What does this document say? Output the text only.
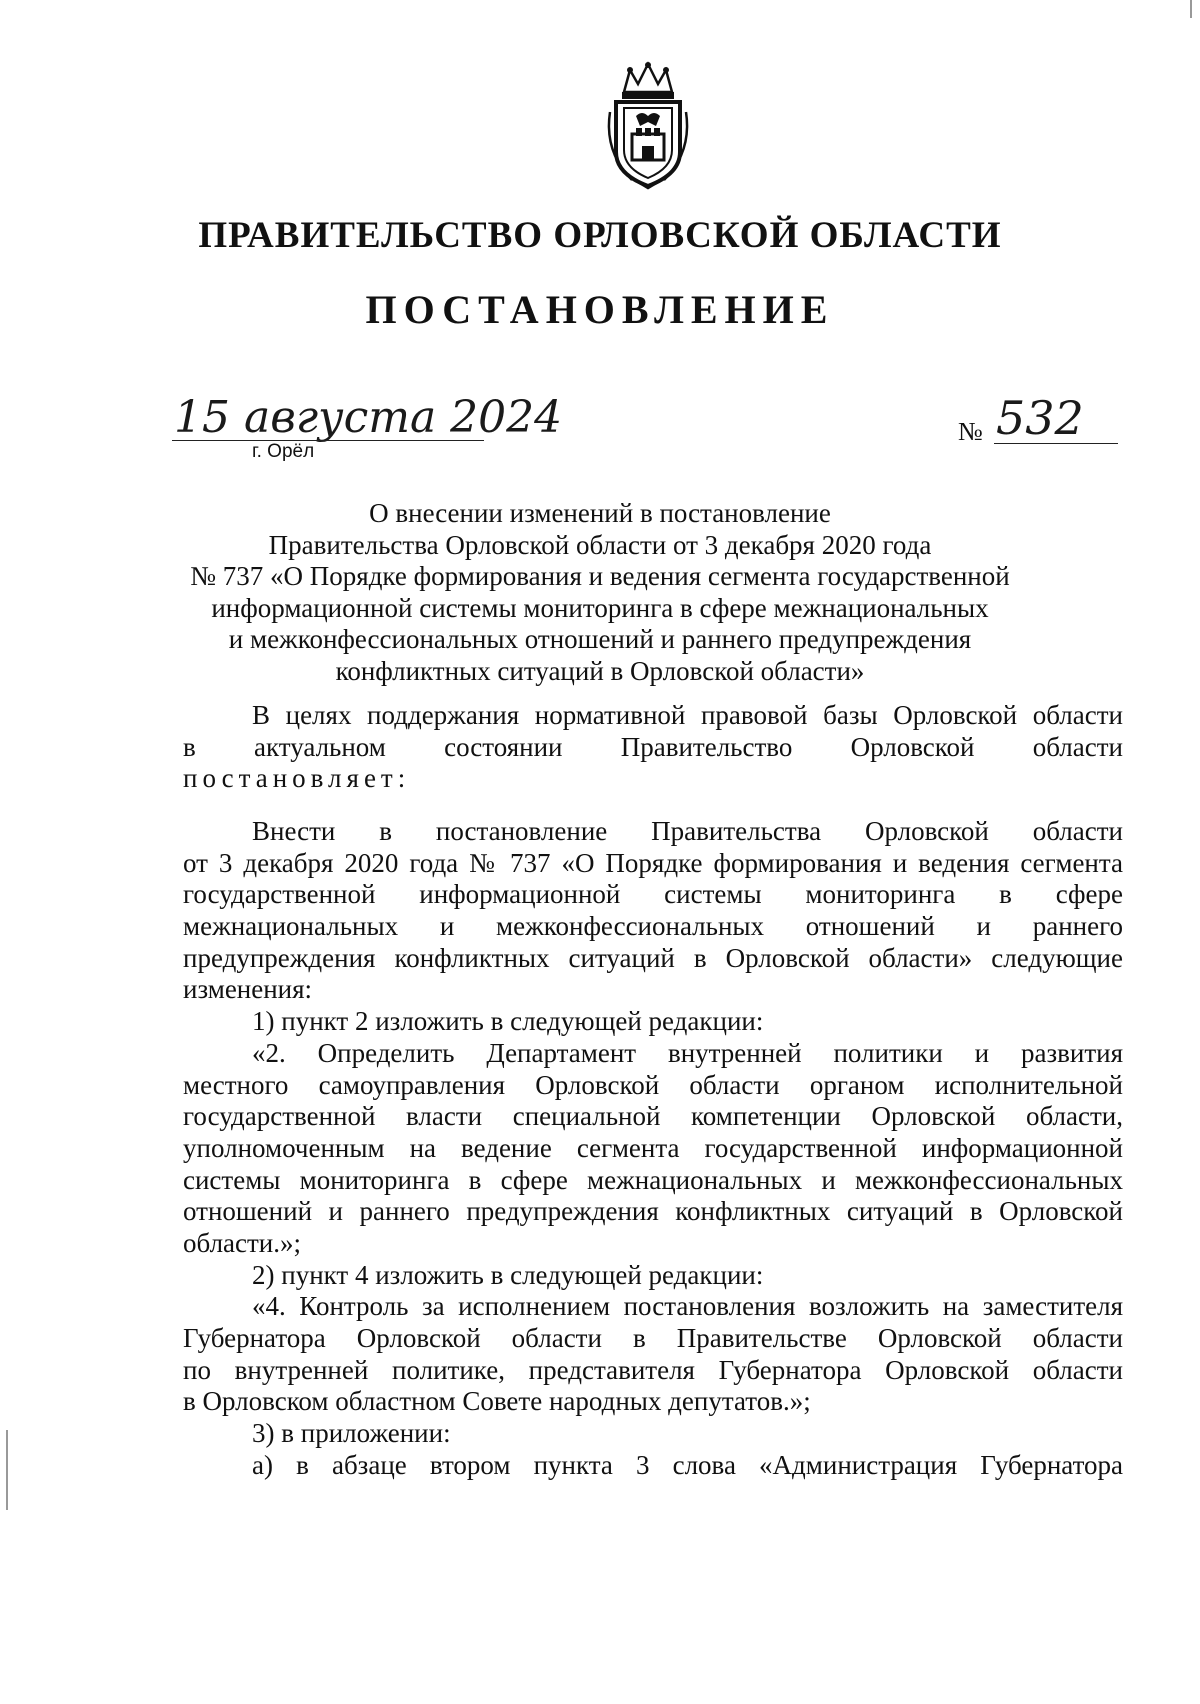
ПРАВИТЕЛЬСТВО ОРЛОВСКОЙ ОБЛАСТИ
ПОСТАНОВЛЕНИЕ
15 августа 2024
г. Орёл
№ 532
О внесении изменений в постановление
Правительства Орловской области от 3 декабря 2020 года
№ 737 «О Порядке формирования и ведения сегмента государственной
информационной системы мониторинга в сфере межнациональных
и межконфессиональных отношений и раннего предупреждения
конфликтных ситуаций в Орловской области»
В целях поддержания нормативной правовой базы Орловской области
в актуальном состоянии Правительство Орловской области
постановляет:
Внести в постановление Правительства Орловской области
от 3 декабря 2020 года № 737 «О Порядке формирования и ведения сегмента
государственной информационной системы мониторинга в сфере
межнациональных и межконфессиональных отношений и раннего
предупреждения конфликтных ситуаций в Орловской области» следующие
изменения:
1) пункт 2 изложить в следующей редакции:
«2. Определить Департамент внутренней политики и развития
местного самоуправления Орловской области органом исполнительной
государственной власти специальной компетенции Орловской области,
уполномоченным на ведение сегмента государственной информационной
системы мониторинга в сфере межнациональных и межконфессиональных
отношений и раннего предупреждения конфликтных ситуаций в Орловской
области.»;
2) пункт 4 изложить в следующей редакции:
«4. Контроль за исполнением постановления возложить на заместителя
Губернатора Орловской области в Правительстве Орловской области
по внутренней политике, представителя Губернатора Орловской области
в Орловском областном Совете народных депутатов.»;
3) в приложении:
а) в абзаце втором пункта 3 слова «Администрация Губернатора
